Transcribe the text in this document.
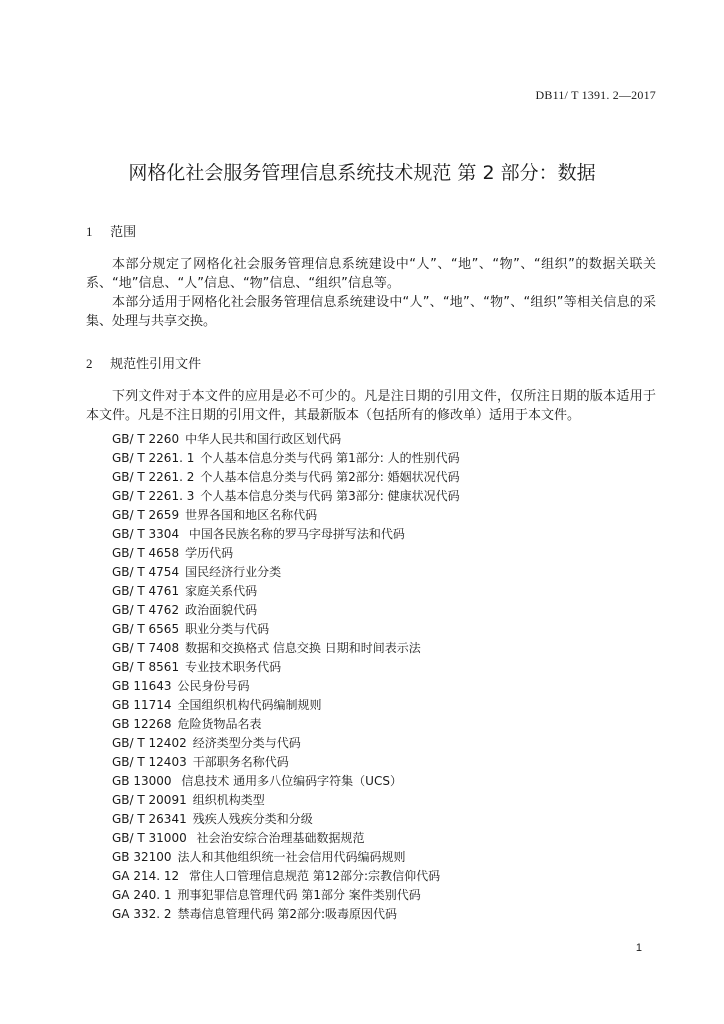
DB11/ T 1391. 2—2017
网格化社会服务管理信息系统技术规范 第 2 部分：数据
1 范围
本部分规定了网格化社会服务管理信息系统建设中“人”、“地”、“物”、“组织”的数据关联关系、“地”信息、“人”信息、“物”信息、“组织”信息等。
本部分适用于网格化社会服务管理信息系统建设中“人”、“地”、“物”、“组织”等相关信息的采集、处理与共享交换。
2 规范性引用文件
下列文件对于本文件的应用是必不可少的。凡是注日期的引用文件，仅所注日期的版本适用于本文件。凡是不注日期的引用文件，其最新版本（包括所有的修改单）适用于本文件。
GB/ T 2260 中华人民共和国行政区划代码
GB/ T 2261. 1 个人基本信息分类与代码 第1部分: 人的性别代码
GB/ T 2261. 2 个人基本信息分类与代码 第2部分: 婚姻状况代码
GB/ T 2261. 3 个人基本信息分类与代码 第3部分: 健康状况代码
GB/ T 2659 世界各国和地区名称代码
GB/ T 3304 中国各民族名称的罗马字母拼写法和代码
GB/ T 4658 学历代码
GB/ T 4754 国民经济行业分类
GB/ T 4761 家庭关系代码
GB/ T 4762 政治面貌代码
GB/ T 6565 职业分类与代码
GB/ T 7408 数据和交换格式 信息交换 日期和时间表示法
GB/ T 8561 专业技术职务代码
GB 11643 公民身份号码
GB 11714 全国组织机构代码编制规则
GB 12268 危险货物品名表
GB/ T 12402 经济类型分类与代码
GB/ T 12403 干部职务名称代码
GB 13000 信息技术 通用多八位编码字符集（UCS）
GB/ T 20091 组织机构类型
GB/ T 26341 残疾人残疾分类和分级
GB/ T 31000 社会治安综合治理基础数据规范
GB 32100 法人和其他组织统一社会信用代码编码规则
GA 214. 12 常住人口管理信息规范 第12部分:宗教信仰代码
GA 240. 1 刑事犯罪信息管理代码 第1部分 案件类别代码
GA 332. 2 禁毒信息管理代码 第2部分:吸毒原因代码
1
